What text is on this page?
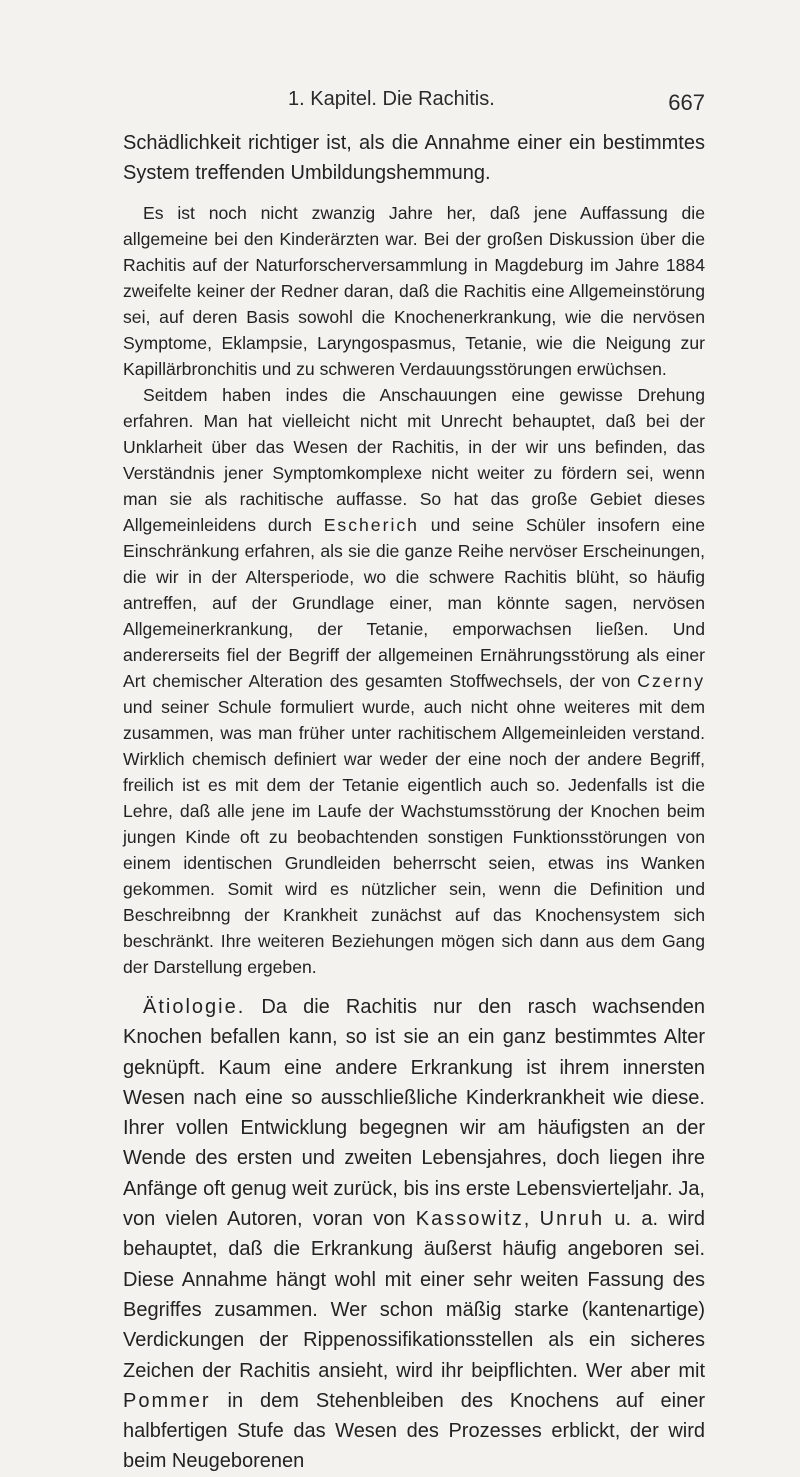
1. Kapitel. Die Rachitis.	667

Schädlichkeit richtiger ist, als die Annahme einer ein bestimmtes System treffenden Umbildungshemmung.

Es ist noch nicht zwanzig Jahre her, daß jene Auffassung die allgemeine bei den Kinderärzten war. Bei der großen Diskussion über die Rachitis auf der Naturforscherversammlung in Magdeburg im Jahre 1884 zweifelte keiner der Redner daran, daß die Rachitis eine Allgemeinstörung sei, auf deren Basis sowohl die Knochenerkrankung, wie die nervösen Symptome, Eklampsie, Laryngospasmus, Tetanie, wie die Neigung zur Kapillärbronchitis und zu schweren Verdauungsstörungen erwüchsen.

Seitdem haben indes die Anschauungen eine gewisse Drehung erfahren. Man hat vielleicht nicht mit Unrecht behauptet, daß bei der Unklarheit über das Wesen der Rachitis, in der wir uns befinden, das Verständnis jener Symptomkomplexe nicht weiter zu fördern sei, wenn man sie als rachitische auffasse. So hat das große Gebiet dieses Allgemeinleidens durch Escherich und seine Schüler insofern eine Einschränkung erfahren, als sie die ganze Reihe nervöser Erscheinungen, die wir in der Altersperiode, wo die schwere Rachitis blüht, so häufig antreffen, auf der Grundlage einer, man könnte sagen, nervösen Allgemeinerkrankung, der Tetanie, emporwachsen ließen. Und andererseits fiel der Begriff der allgemeinen Ernährungsstörung als einer Art chemischer Alteration des gesamten Stoffwechsels, der von Czerny und seiner Schule formuliert wurde, auch nicht ohne weiteres mit dem zusammen, was man früher unter rachitischem Allgemeinleiden verstand. Wirklich chemisch definiert war weder der eine noch der andere Begriff, freilich ist es mit dem der Tetanie eigentlich auch so. Jedenfalls ist die Lehre, daß alle jene im Laufe der Wachstumsstörung der Knochen beim jungen Kinde oft zu beobachtenden sonstigen Funktionsstörungen von einem identischen Grundleiden beherrscht seien, etwas ins Wanken gekommen. Somit wird es nützlicher sein, wenn die Definition und Beschreibnng der Krankheit zunächst auf das Knochensystem sich beschränkt. Ihre weiteren Beziehungen mögen sich dann aus dem Gang der Darstellung ergeben.

Ätiologie. Da die Rachitis nur den rasch wachsenden Knochen befallen kann, so ist sie an ein ganz bestimmtes Alter geknüpft. Kaum eine andere Erkrankung ist ihrem innersten Wesen nach eine so ausschließliche Kinderkrankheit wie diese. Ihrer vollen Entwicklung begegnen wir am häufigsten an der Wende des ersten und zweiten Lebensjahres, doch liegen ihre Anfänge oft genug weit zurück, bis ins erste Lebensvierteljahr. Ja, von vielen Autoren, voran von Kassowitz, Unruh u. a. wird behauptet, daß die Erkrankung äußerst häufig angeboren sei. Diese Annahme hängt wohl mit einer sehr weiten Fassung des Begriffes zusammen. Wer schon mäßig starke (kantenartige) Verdickungen der Rippenossifikationsstellen als ein sicheres Zeichen der Rachitis ansieht, wird ihr beipflichten. Wer aber mit Pommer in dem Stehenbleiben des Knochens auf einer halbfertigen Stufe das Wesen des Prozesses erblickt, der wird beim Neugeborenen
